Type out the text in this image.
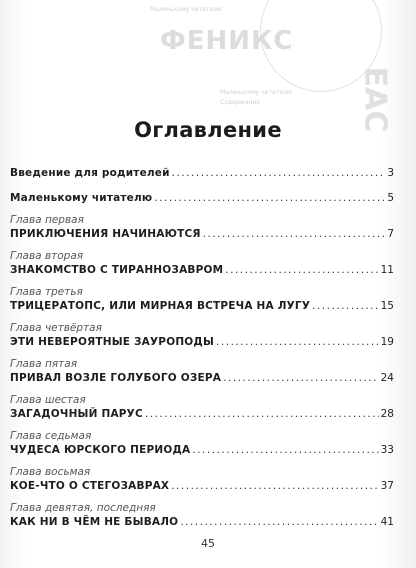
Маленькому читателю
ФЕНИКС
Маленькому читателю
Содержание	ЕАС
Оглавление
Введение для родителей .....	3
Маленькому читателю .....	5
Глава первая
ПРИКЛЮЧЕНИЯ НАЧИНАЮТСЯ .....	7
Глава вторая
ЗНАКОМСТВО С ТИРАННОЗАВРОМ .....	11
Глава третья
ТРИЦЕРАТОПС, ИЛИ МИРНАЯ ВСТРЕЧА НА ЛУГУ .....	15
Глава четвёртая
ЭТИ НЕВЕРОЯТНЫЕ ЗАУРОПОДЫ .....	19
Глава пятая
ПРИВАЛ ВОЗЛЕ ГОЛУБОГО ОЗЕРА .....	24
Глава шестая
ЗАГАДОЧНЫЙ ПАРУС .....	28
Глава седьмая
ЧУДЕСА ЮРСКОГО ПЕРИОДА .....	33
Глава восьмая
КОЕ-ЧТО О СТЕГОЗАВРАХ .....	37
Глава девятая, последняя
КАК НИ В ЧЁМ НЕ БЫВАЛО .....	41
45
